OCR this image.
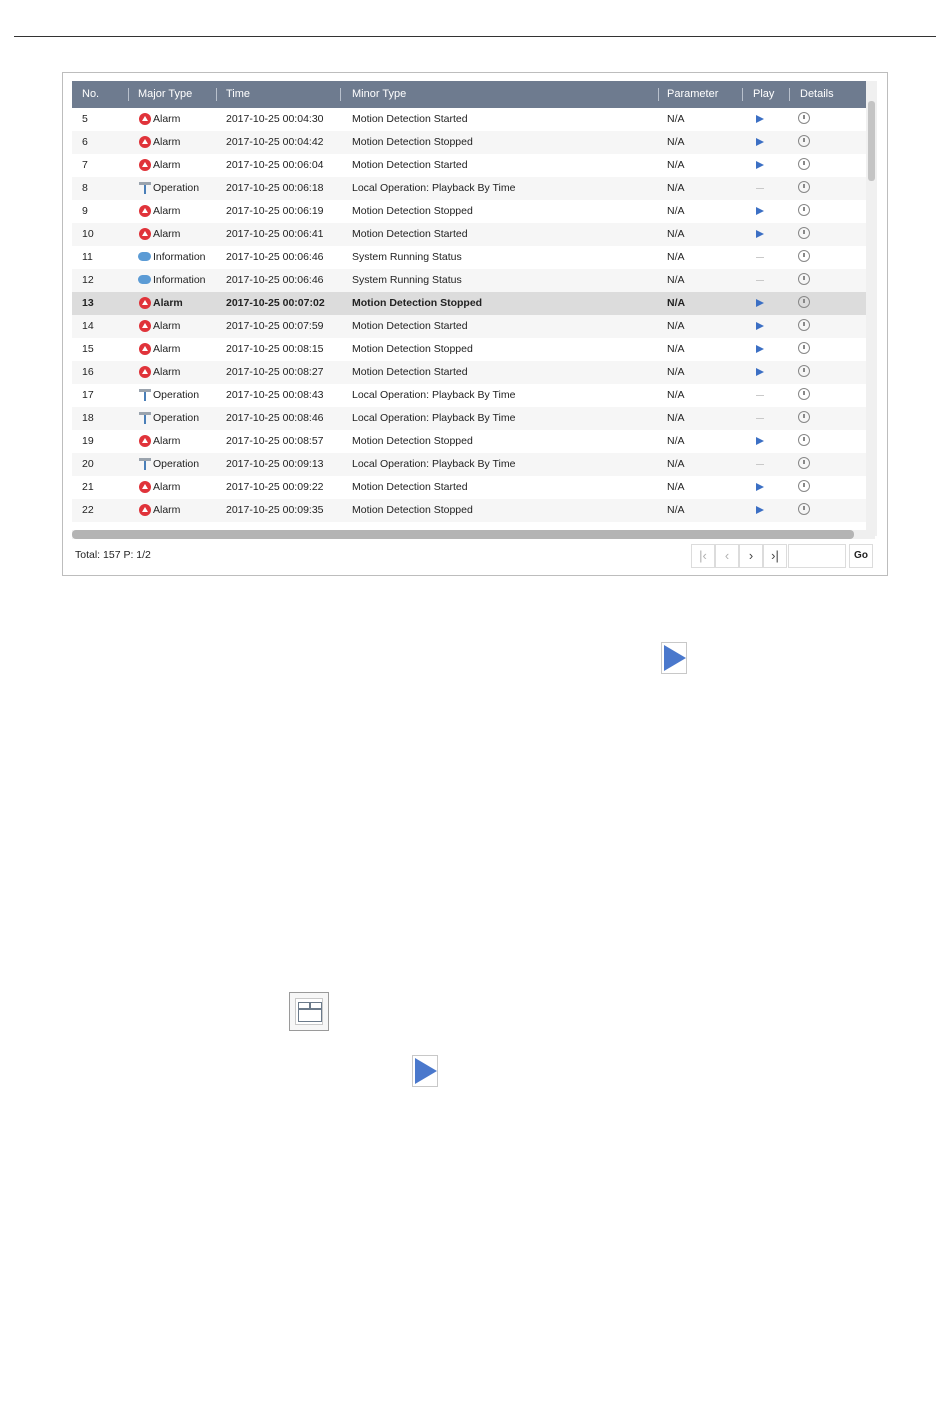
No.	Major Type	Time	Minor Type	Parameter	Play Details
5	Alarm	2017-10-25 00:04:30	Motion Detection Started	N/A
6	Alarm	2017-10-25 00:04:42	Motion Detection Stopped	N/A
7	Alarm	2017-10-25 00:06:04	Motion Detection Started	N/A
8	Operation	2017-10-25 00:06:18	Local Operation: Playback By Time	N/A
9	Alarm	2017-10-25 00:06:19	Motion Detection Stopped	N/A
10	Alarm	2017-10-25 00:06:41	Motion Detection Started	N/A
11	Information 2017-10-25 00:06:46	System Running Status	N/A
12	Information 2017-10-25 00:06:46	System Running Status	N/A
13	Alarm	2017-10-25 00:07:02	Motion Detection Stopped	N/A
14	Alarm	2017-10-25 00:07:59	Motion Detection Started	N/A
15	Alarm	2017-10-25 00:08:15	Motion Detection Stopped	N/A
16	Alarm	2017-10-25 00:08:27	Motion Detection Started	N/A
17	Operation	2017-10-25 00:08:43	Local Operation: Playback By Time	N/A
18	Operation	2017-10-25 00:08:46	Local Operation: Playback By Time	N/A
19	Alarm	2017-10-25 00:08:57	Motion Detection Stopped	N/A
20	Operation	2017-10-25 00:09:13	Local Operation: Playback By Time	N/A
21	Alarm	2017-10-25 00:09:22	Motion Detection Started	N/A
22	Alarm	2017-10-25 00:09:35	Motion Detection Stopped	N/A
Total: 157 P: 1/2	|‹	‹	›	›|	Go
